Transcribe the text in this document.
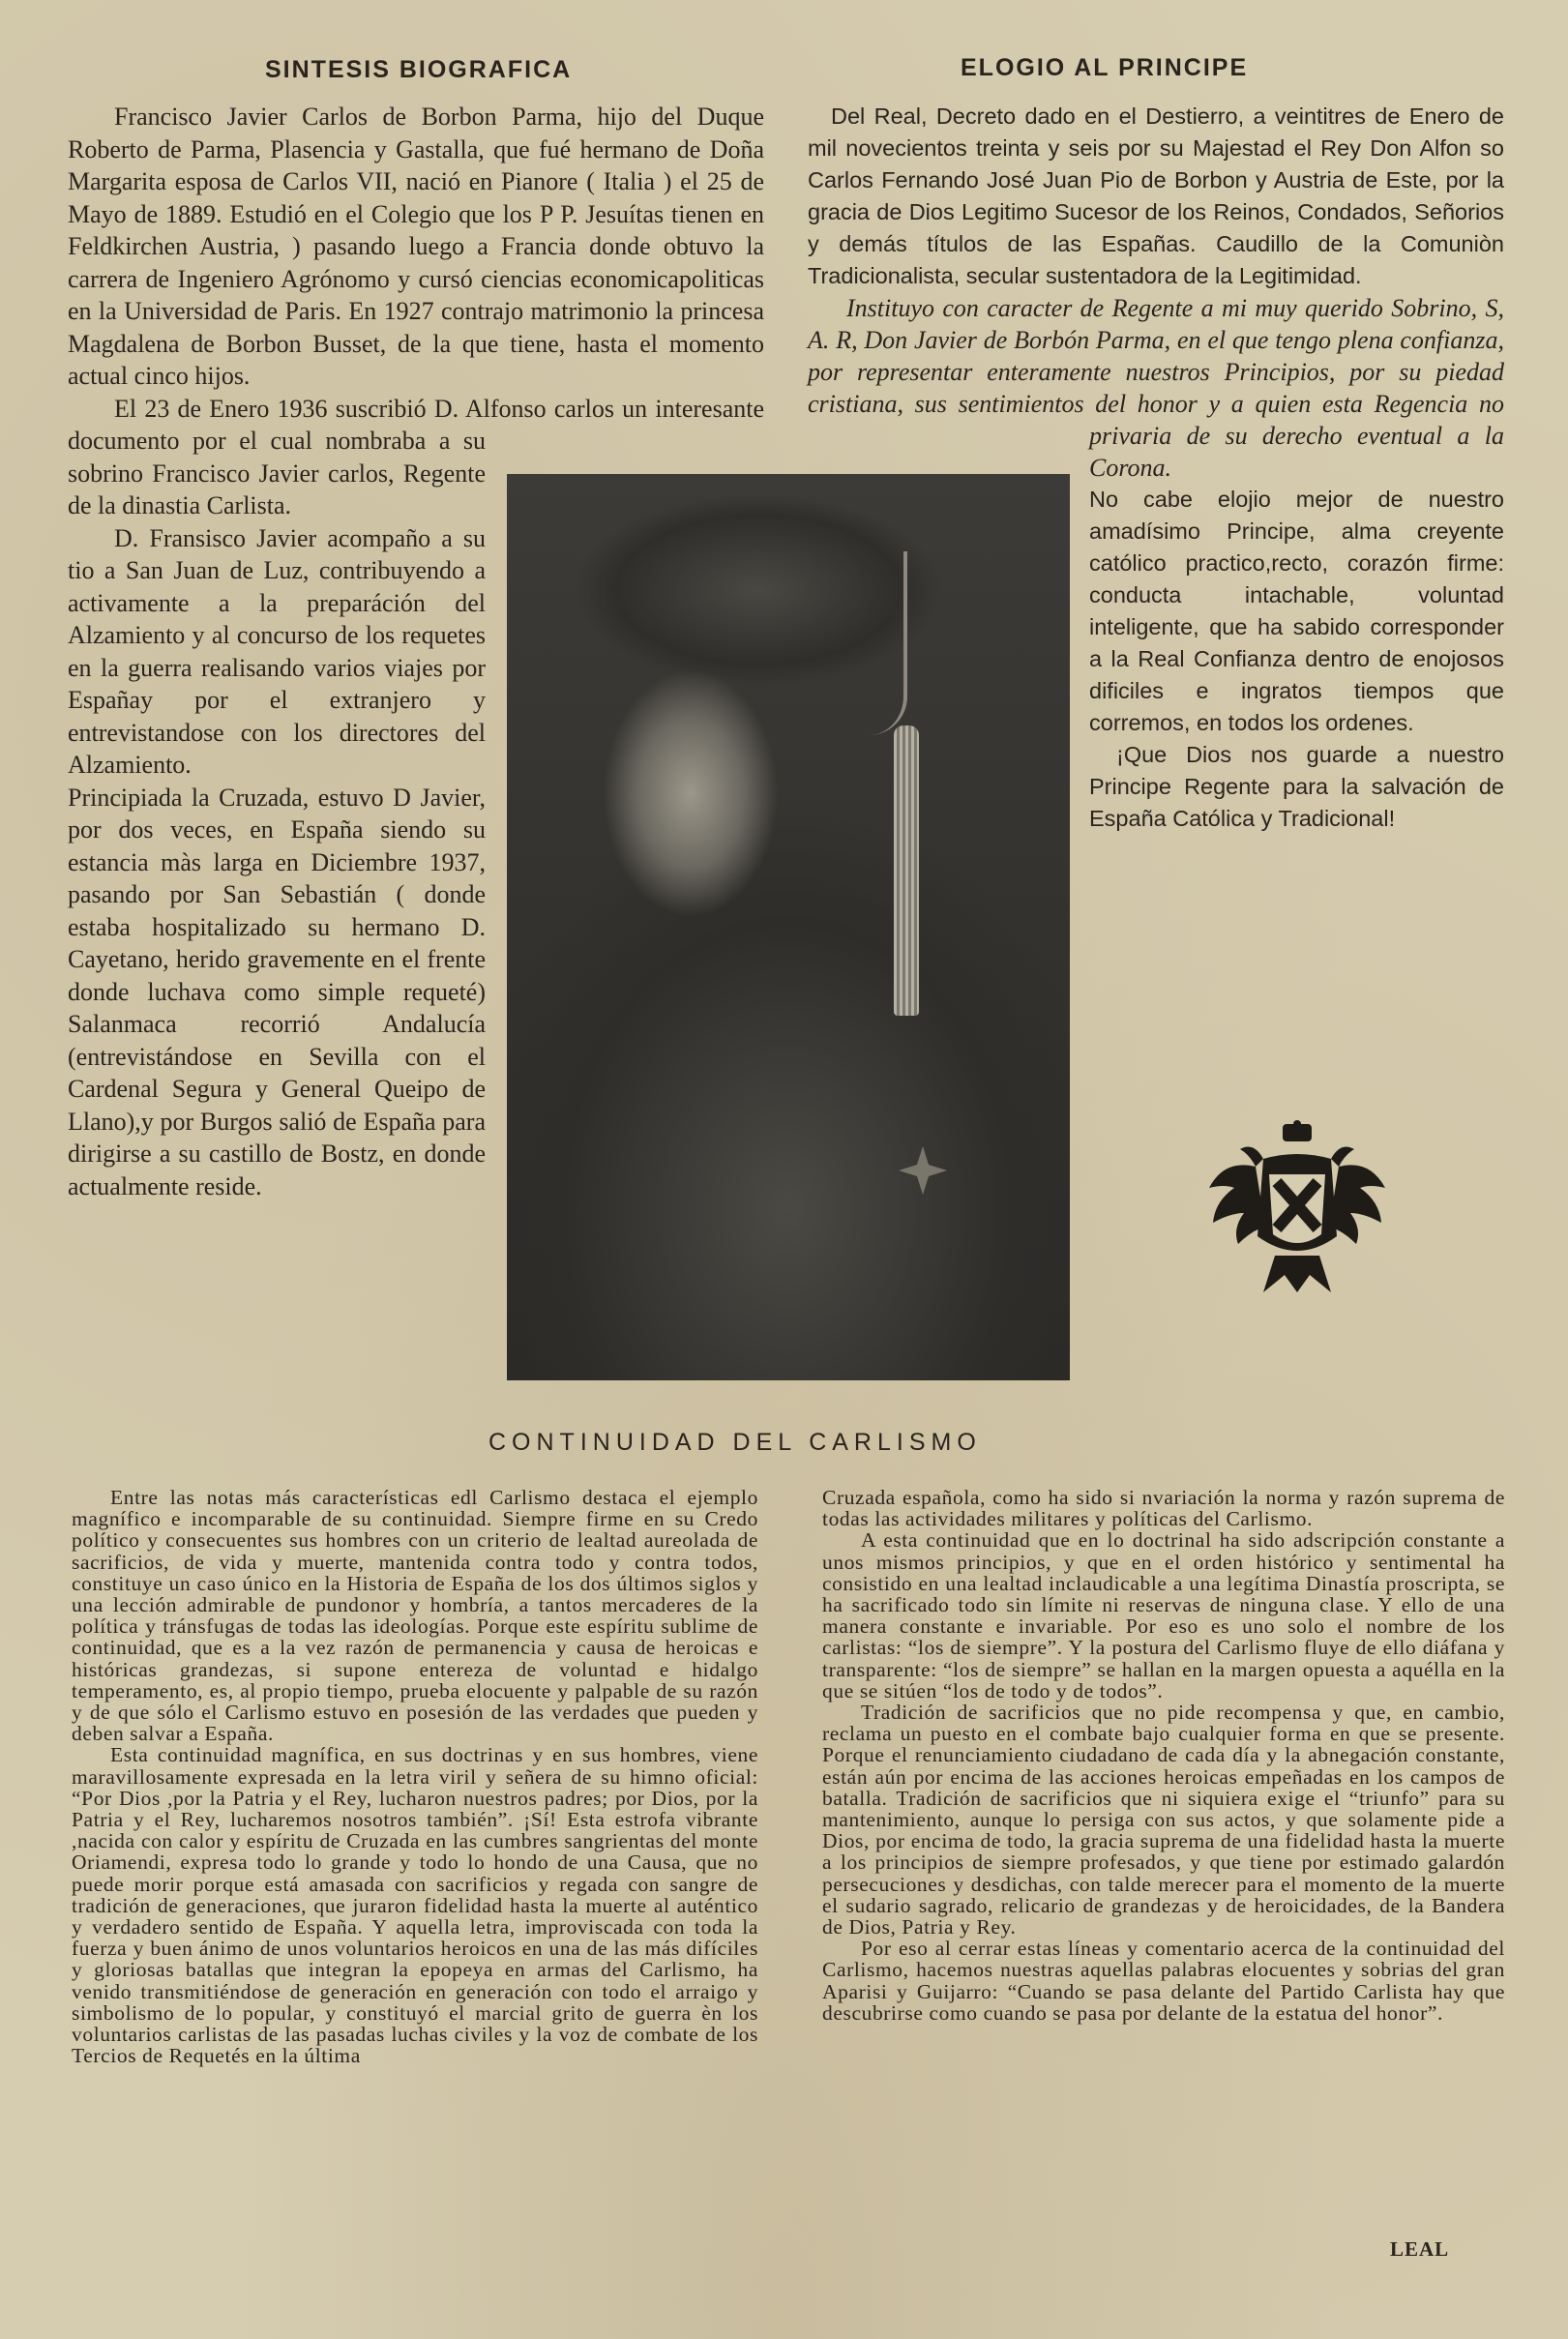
SINTESIS BIOGRAFICA	ELOGIO AL PRINCIPE

Francisco Javier Carlos de Borbon Parma, hijo del Duque Roberto de Parma, Plasencia y Gastalla, que fué hermano de Doña Margarita esposa de Carlos VII, nació en Pianore ( Italia ) el 25 de Mayo de 1889. Estudió en el Colegio que los P P. Jesuítas tienen en Feldkirchen Austria, ) pasando luego a Francia donde obtuvo la carrera de Ingeniero Agrónomo y cursó ciencias economicapoliticas en la Universidad de Paris. En 1927 contrajo matrimonio la princesa Magdalena de Borbon Busset, de la que tiene, hasta el momento actual cinco hijos.

El 23 de Enero 1936 suscribió D. Alfonso carlos un interesante documento por el cual nombraba a su sobrino Francisco Javier carlos, Regente de la dinastia Carlista.

D. Fransisco Javier acompaño a su tio a San Juan de Luz, contribuyendo a activamente a la preparáción del Alzamiento y al concurso de los requetes en la guerra realisando varios viajes por Españay por el extranjero y entrevistandose con los directores del Alzamiento.

Principiada la Cruzada, estuvo D Javier, por dos veces, en España siendo su estancia màs larga en Diciembre 1937, pasando por San Sebastián ( donde estaba hospitalizado su hermano D. Cayetano, herido gravemente en el frente donde luchava como simple requeté) Salanmaca recorrió Andalucía (entrevistándose en Sevilla con el Cardenal Segura y General Queipo de Llano),y por Burgos salió de España para dirigirse a su castillo de Bostz, en donde actualmente reside.

Del Real, Decreto dado en el Destierro, a veintitres de Enero de mil novecientos treinta y seis por su Majestad el Rey Don Alfon so Carlos Fernando José Juan Pio de Borbon y Austria de Este, por la gracia de Dios Legitimo Sucesor de los Reinos, Condados, Señorios y demás títulos de las Españas. Caudillo de la Comuniòn Tradicionalista, secular sustentadora de la Legitimidad.

Instituyo con caracter de Regente a mi muy querido Sobrino, S, A. R, Don Javier de Borbón Parma, en el que tengo plena confianza, por representar enteramente nuestros Principios, por su piedad cristiana, sus sentimientos del honor y a quien esta Regencia no privaria de su derecho eventual a la Corona.

No cabe elojio mejor de nuestro amadísimo Principe, alma creyente católico practico,recto, corazón firme: conducta intachable, voluntad inteligente, que ha sabido corresponder a la Real Confianza dentro de enojosos dificiles e ingratos tiempos que corremos, en todos los ordenes.

¡Que Dios nos guarde a nuestro Principe Regente para la salvación de España Católica y Tradicional!

CONTINUIDAD DEL CARLISMO

Entre las notas más características edl Carlismo destaca el ejemplo magnífico e incomparable de su continuidad. Siempre firme en su Credo político y consecuentes sus hombres con un criterio de lealtad aureolada de sacrificios, de vida y muerte, mantenida contra todo y contra todos, constituye un caso único en la Historia de España de los dos últimos siglos y una lección admirable de pundonor y hombría, a tantos mercaderes de la política y tránsfugas de todas las ideologías. Porque este espíritu sublime de continuidad, que es a la vez razón de permanencia y causa de heroicas e históricas grandezas, si supone entereza de voluntad e hidalgo temperamento, es, al propio tiempo, prueba elocuente y palpable de su razón y de que sólo el Carlismo estuvo en posesión de las verdades que pueden y deben salvar a España.

Esta continuidad magnífica, en sus doctrinas y en sus hombres, viene maravillosamente expresada en la letra viril y señera de su himno oficial: “Por Dios ,por la Patria y el Rey, lucharon nuestros padres; por Dios, por la Patria y el Rey, lucharemos nosotros también”. ¡Sí! Esta estrofa vibrante ,nacida con calor y espíritu de Cruzada en las cumbres sangrientas del monte Oriamendi, expresa todo lo grande y todo lo hondo de una Causa, que no puede morir porque está amasada con sacrificios y regada con sangre de tradición de generaciones, que juraron fidelidad hasta la muerte al auténtico y verdadero sentido de España. Y aquella letra, improviscada con toda la fuerza y buen ánimo de unos voluntarios heroicos en una de las más difíciles y gloriosas batallas que integran la epopeya en armas del Carlismo, ha venido transmitiéndose de generación en generación con todo el arraigo y simbolismo de lo popular, y constituyó el marcial grito de guerra èn los voluntarios carlistas de las pasadas luchas civiles y la voz de combate de los Tercios de Requetés en la última

Cruzada española, como ha sido si nvariación la norma y razón suprema de todas las actividades militares y políticas del Carlismo.

A esta continuidad que en lo doctrinal ha sido adscripción constante a unos mismos principios, y que en el orden histórico y sentimental ha consistido en una lealtad inclaudicable a una legítima Dinastía proscripta, se ha sacrificado todo sin límite ni reservas de ninguna clase. Y ello de una manera constante e invariable. Por eso es uno solo el nombre de los carlistas: “los de siempre”. Y la postura del Carlismo fluye de ello diáfana y transparente: “los de siempre” se hallan en la margen opuesta a aquélla en la que se sitúen “los de todo y de todos”.

Tradición de sacrificios que no pide recompensa y que, en cambio, reclama un puesto en el combate bajo cualquier forma en que se presente. Porque el renunciamiento ciudadano de cada día y la abnegación constante, están aún por encima de las acciones heroicas empeñadas en los campos de batalla. Tradición de sacrificios que ni siquiera exige el “triunfo” para su mantenimiento, aunque lo persiga con sus actos, y que solamente pide a Dios, por encima de todo, la gracia suprema de una fidelidad hasta la muerte a los principios de siempre profesados, y que tiene por estimado galardón persecuciones y desdichas, con talde merecer para el momento de la muerte el sudario sagrado, relicario de grandezas y de heroicidades, de la Bandera de Dios, Patria y Rey.

Por eso al cerrar estas líneas y comentario acerca de la continuidad del Carlismo, hacemos nuestras aquellas palabras elocuentes y sobrias del gran Aparisi y Guijarro: “Cuando se pasa delante del Partido Carlista hay que descubrirse como cuando se pasa por delante de la estatua del honor”.

LEAL
